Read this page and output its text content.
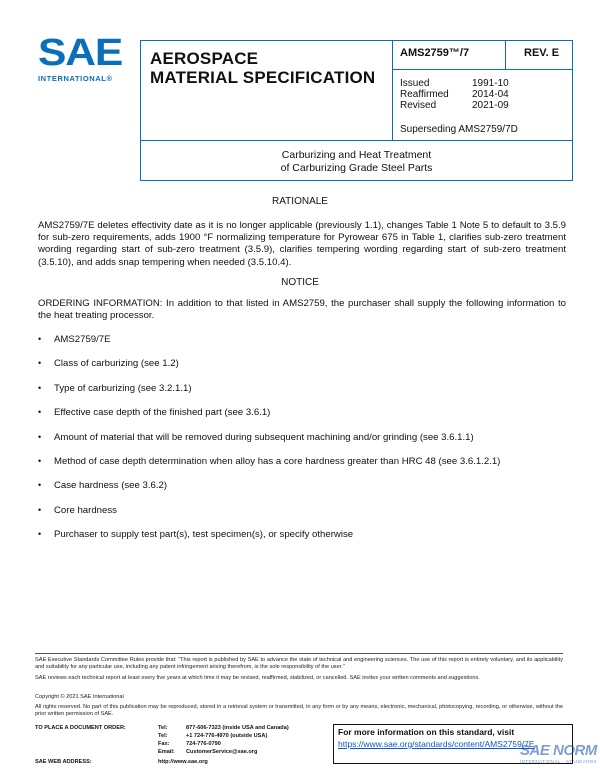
SAE
INTERNATIONAL®
AEROSPACE
MATERIAL SPECIFICATION
AMS2759™/7	REV. E
Issued	1991-10
Reaffirmed 2014-04
Revised	2021-09
Superseding AMS2759/7D
Carburizing and Heat Treatment
of Carburizing Grade Steel Parts
RATIONALE
AMS2759/7E deletes effectivity date as it is no longer applicable (previously 1.1), changes Table 1 Note 5 to default to 3.5.9 for sub-zero requirements, adds 1900 °F normalizing temperature for Pyrowear 675 in Table 1, clarifies sub-zero treatment wording regarding start of sub-zero treatment (3.5.9), clarifies tempering wording regarding start of sub-zero treatment (3.5.10), and adds snap tempering when needed (3.5.10.4).
NOTICE
ORDERING INFORMATION: In addition to that listed in AMS2759, the purchaser shall supply the following information to the heat treating processor.
• AMS2759/7E
• Class of carburizing (see 1.2)
• Type of carburizing (see 3.2.1.1)
• Effective case depth of the finished part (see 3.6.1)
• Amount of material that will be removed during subsequent machining and/or grinding (see 3.6.1.1)
• Method of case depth determination when alloy has a core hardness greater than HRC 48 (see 3.6.1.2.1)
• Case hardness (see 3.6.2)
• Core hardness
• Purchaser to supply test part(s), test specimen(s), or specify otherwise
SAE Executive Standards Committee Rules provide that: “This report is published by SAE to advance the state of technical and engineering sciences. The use of this report is entirely voluntary, and its applicability and suitability for any particular use, including any patent infringement arising therefrom, is the sole responsibility of the user.”
SAE reviews each technical report at least every five years at which time it may be revised, reaffirmed, stabilized, or cancelled. SAE invites your written comments and suggestions.
Copyright © 2021 SAE International
All rights reserved. No part of this publication may be reproduced, stored in a retrieval system or transmitted, in any form or by any means, electronic, mechanical, photocopying, recording, or otherwise, without the prior written permission of SAE.
TO PLACE A DOCUMENT ORDER:	Tel:	877-606-7323 (inside USA and Canada)
Tel:	+1 724-776-4970 (outside USA)
Fax:	724-776-0790
Email: CustomerService@sae.org
SAE WEB ADDRESS:	http://www.sae.org
For more information on this standard, visit
https://www.sae.org/standards/content/AMS2759/7E
SAE NORM
INTERNATIONAL · STANDARDS
